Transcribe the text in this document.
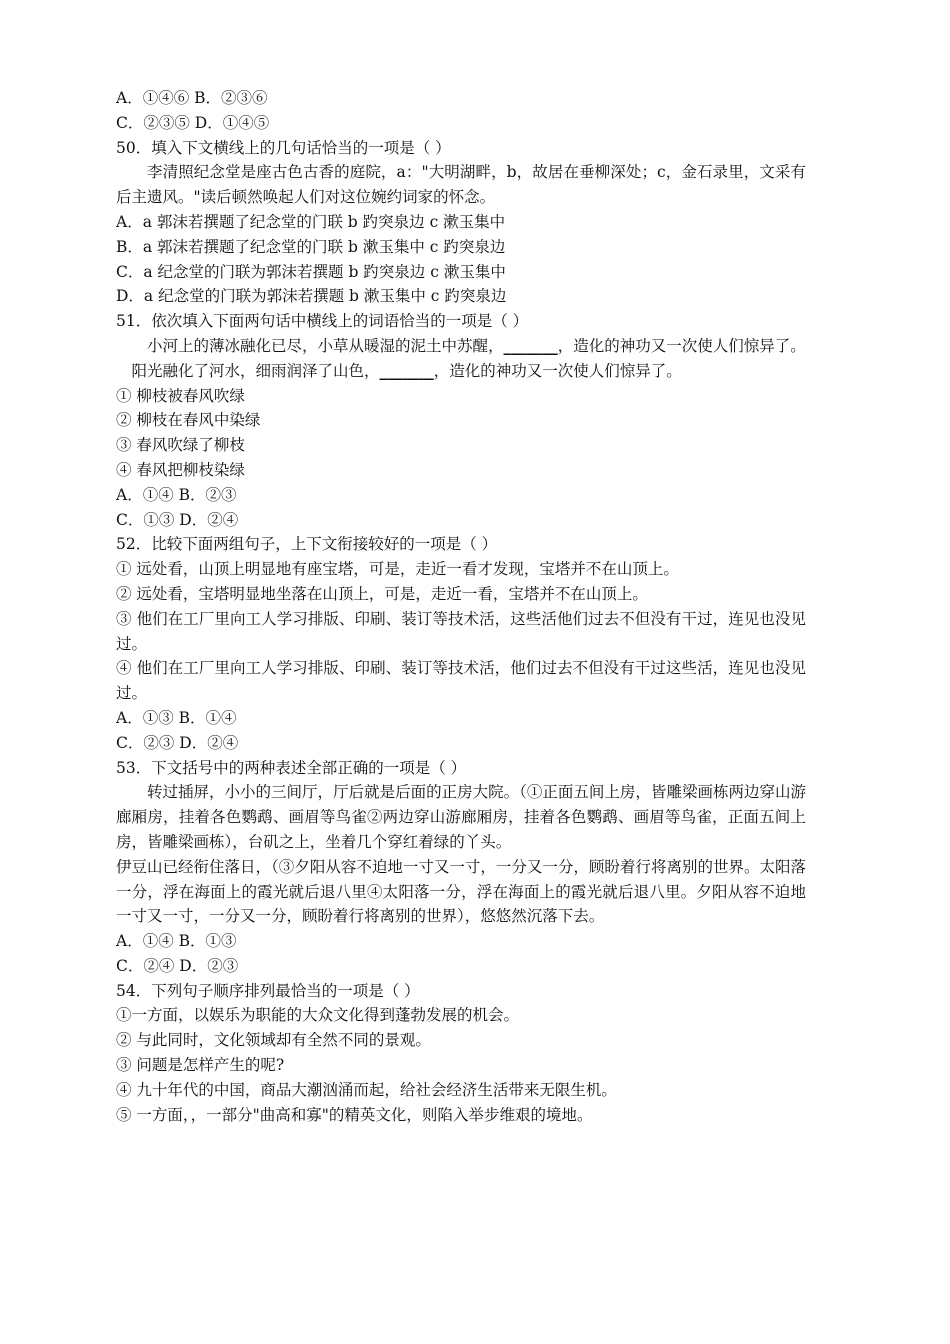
A．①④⑥ B．②③⑥
C．②③⑤ D．①④⑤
50．填入下文横线上的几句话恰当的一项是（ ）
李清照纪念堂是座古色古香的庭院，a："大明湖畔，b，故居在垂柳深处；c，金石录里，文采有后主遗风。"读后顿然唤起人们对这位婉约词家的怀念。
A．a 郭沫若撰题了纪念堂的门联 b 趵突泉边 c 漱玉集中
B．a 郭沫若撰题了纪念堂的门联 b 漱玉集中 c 趵突泉边
C．a 纪念堂的门联为郭沫若撰题 b 趵突泉边 c 漱玉集中
D．a 纪念堂的门联为郭沫若撰题 b 漱玉集中 c 趵突泉边
51．依次填入下面两句话中横线上的词语恰当的一项是（ ）
小河上的薄冰融化已尽，小草从暖湿的泥土中苏醒，_______，造化的神功又一次使人们惊异了。
阳光融化了河水，细雨润泽了山色，_______，造化的神功又一次使人们惊异了。
① 柳枝被春风吹绿
② 柳枝在春风中染绿
③ 春风吹绿了柳枝
④ 春风把柳枝染绿
A．①④ B．②③
C．①③ D．②④
52．比较下面两组句子，上下文衔接较好的一项是（ ）
① 远处看，山顶上明显地有座宝塔，可是，走近一看才发现，宝塔并不在山顶上。
② 远处看，宝塔明显地坐落在山顶上，可是，走近一看，宝塔并不在山顶上。
③ 他们在工厂里向工人学习排版、印刷、装订等技术活，这些活他们过去不但没有干过，连见也没见过。
④ 他们在工厂里向工人学习排版、印刷、装订等技术活，他们过去不但没有干过这些活，连见也没见过。
A．①③ B．①④
C．②③ D．②④
53．下文括号中的两种表述全部正确的一项是（ ）
转过插屏，小小的三间厅，厅后就是后面的正房大院。（①正面五间上房，皆雕梁画栋两边穿山游廊厢房，挂着各色鹦鹉、画眉等鸟雀②两边穿山游廊厢房，挂着各色鹦鹉、画眉等鸟雀，正面五间上房，皆雕梁画栋），台矶之上，坐着几个穿红着绿的丫头。
伊豆山已经衔住落日，（③夕阳从容不迫地一寸又一寸，一分又一分，顾盼着行将离别的世界。太阳落一分，浮在海面上的霞光就后退八里④太阳落一分，浮在海面上的霞光就后退八里。夕阳从容不迫地一寸又一寸，一分又一分，顾盼着行将离别的世界），悠悠然沉落下去。
A．①④ B．①③
C．②④ D．②③
54．下列句子顺序排列最恰当的一项是（ ）
①一方面，以娱乐为职能的大众文化得到蓬勃发展的机会。
② 与此同时，文化领域却有全然不同的景观。
③ 问题是怎样产生的呢?
④ 九十年代的中国，商品大潮汹涌而起，给社会经济生活带来无限生机。
⑤ 一方面，，一部分"曲高和寡"的精英文化，则陷入举步维艰的境地。
